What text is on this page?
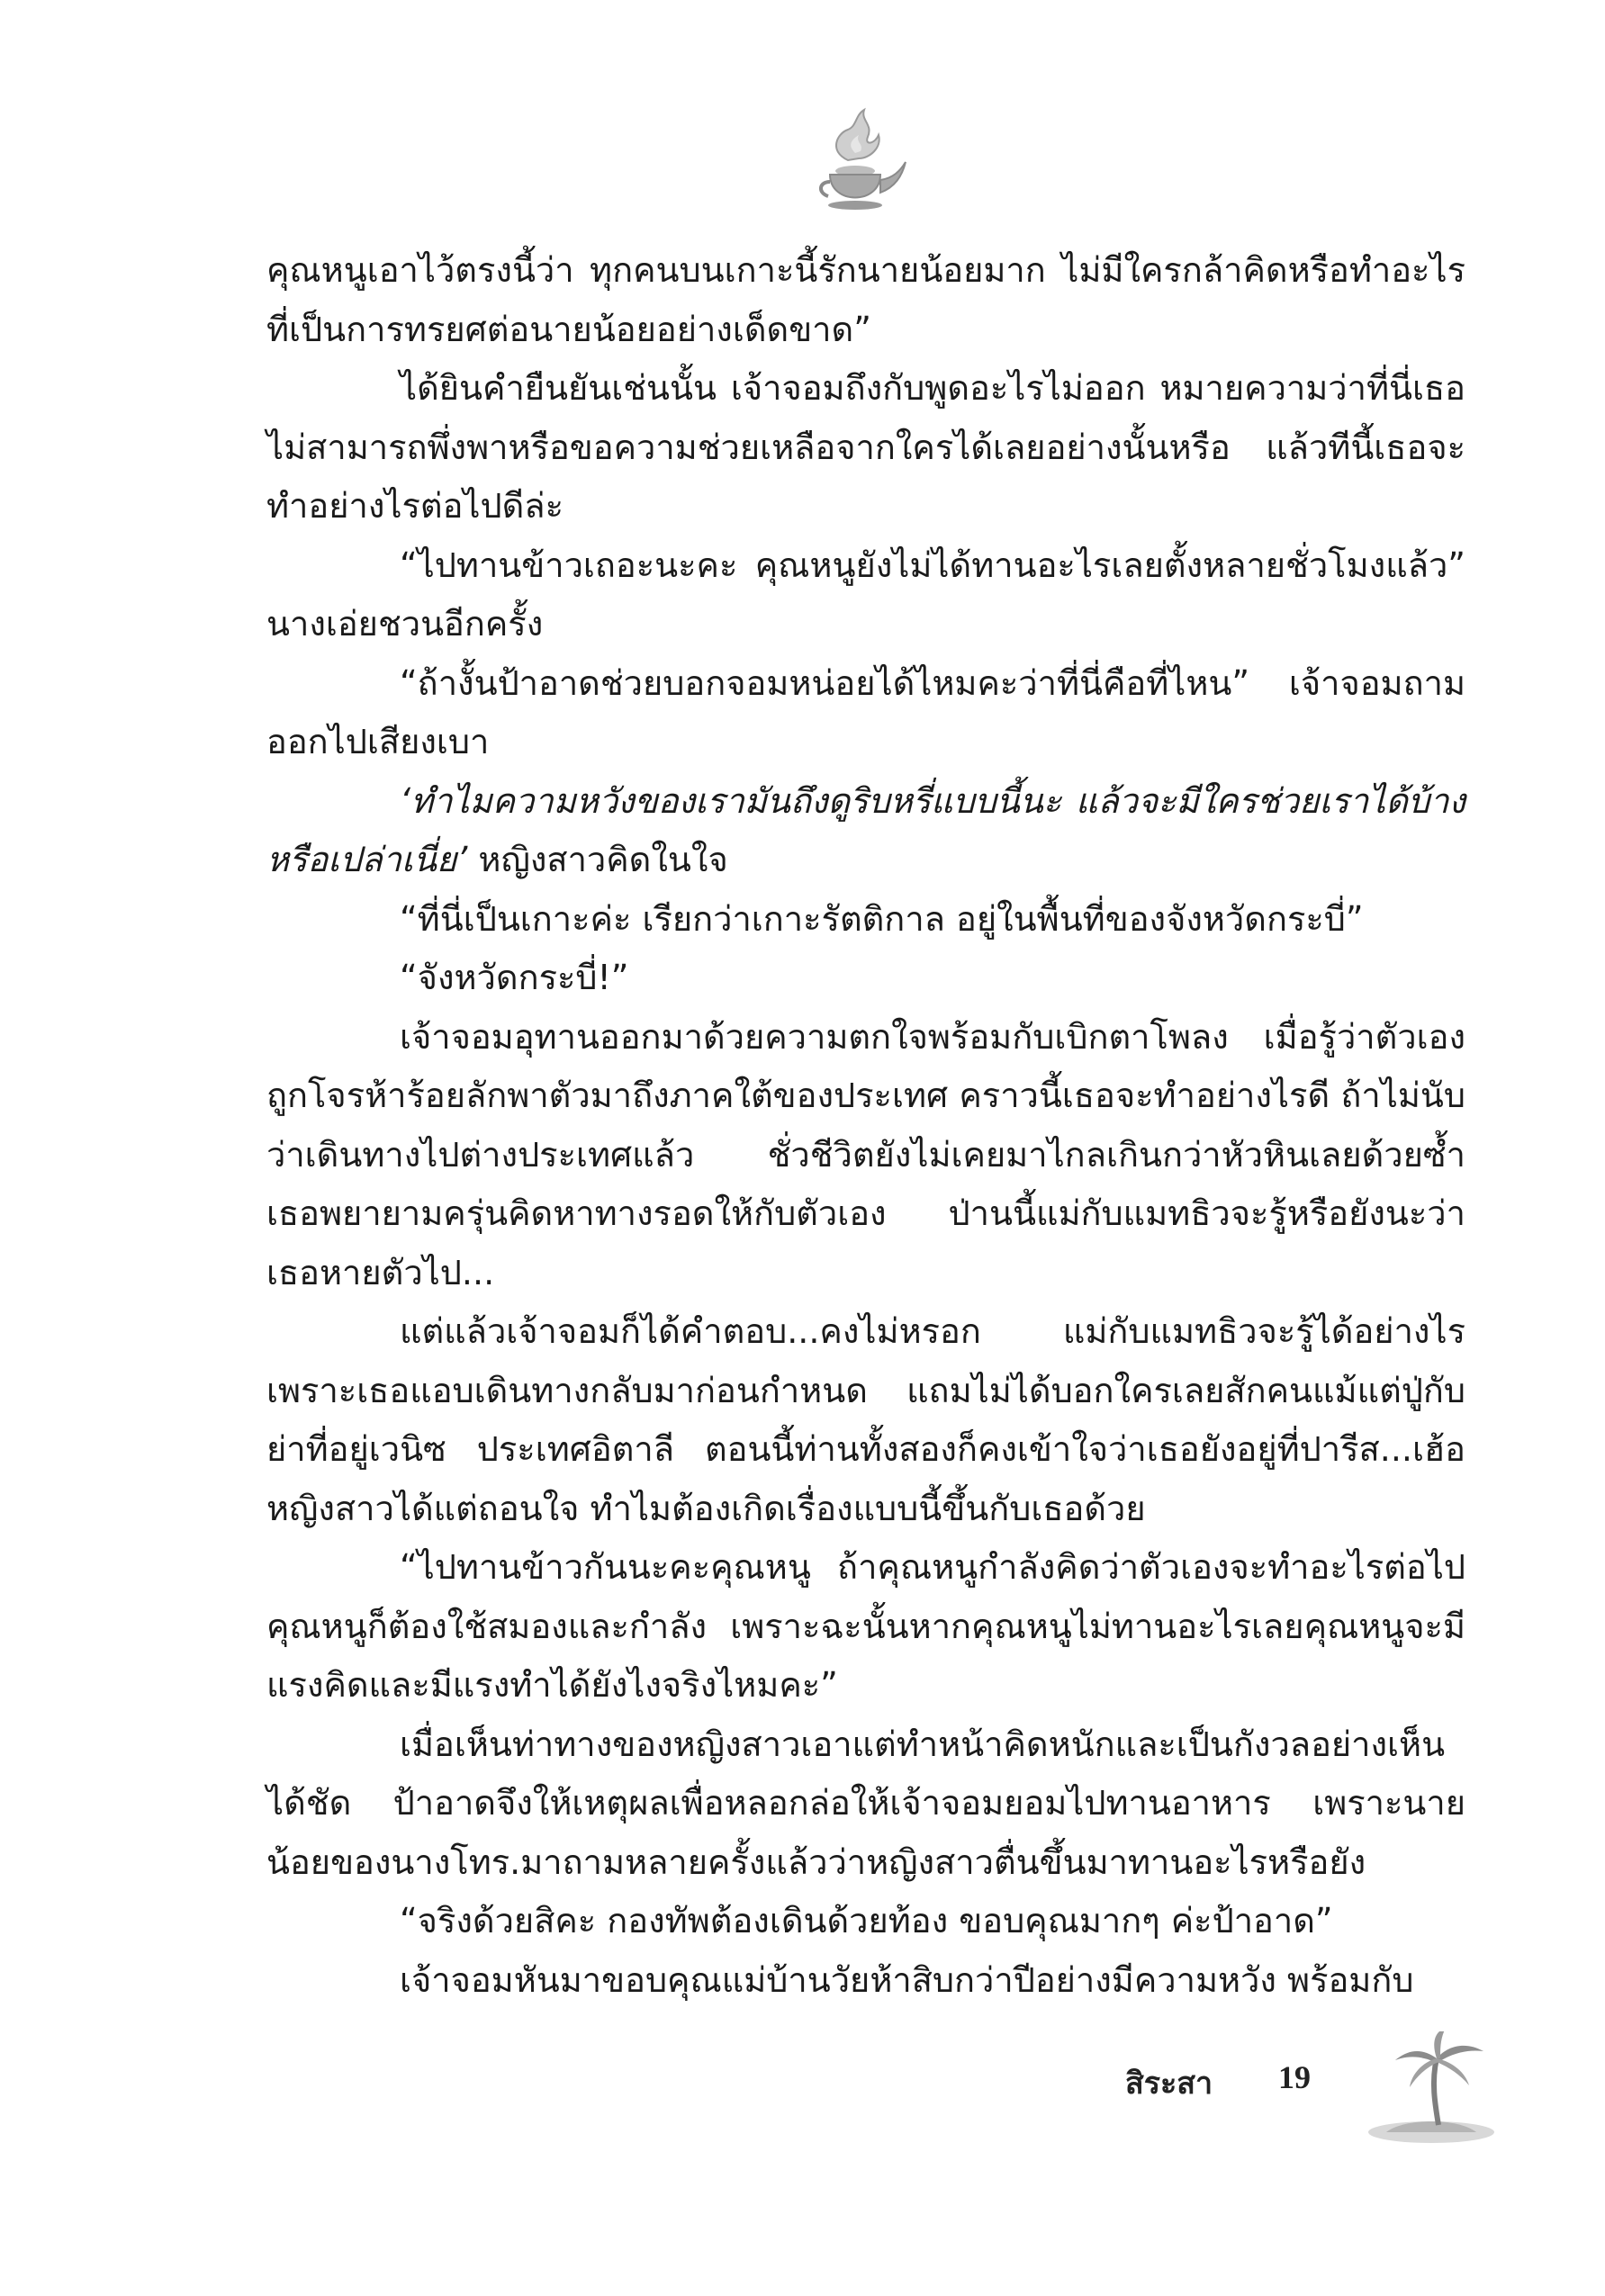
คุณหนูเอาไว้ตรงนี้ว่า ทุกคนบนเกาะนี้รักนายน้อยมาก ไม่มีใครกล้าคิดหรือทำอะไรที่เป็นการทรยศต่อนายน้อยอย่างเด็ดขาด”

ได้ยินคำยืนยันเช่นนั้น เจ้าจอมถึงกับพูดอะไรไม่ออก หมายความว่าที่นี่เธอไม่สามารถพึ่งพาหรือขอความช่วยเหลือจากใครได้เลยอย่างนั้นหรือ แล้วทีนี้เธอจะทำอย่างไรต่อไปดีล่ะ

“ไปทานข้าวเถอะนะคะ คุณหนูยังไม่ได้ทานอะไรเลยตั้งหลายชั่วโมงแล้ว” นางเอ่ยชวนอีกครั้ง

“ถ้างั้นป้าอาดช่วยบอกจอมหน่อยได้ไหมคะว่าที่นี่คือที่ไหน” เจ้าจอมถามออกไปเสียงเบา

‘ทำไมความหวังของเรามันถึงดูริบหรี่แบบนี้นะ แล้วจะมีใครช่วยเราได้บ้างหรือเปล่าเนี่ย’ หญิงสาวคิดในใจ

“ที่นี่เป็นเกาะค่ะ เรียกว่าเกาะรัตติกาล อยู่ในพื้นที่ของจังหวัดกระบี่”

“จังหวัดกระบี่!”

เจ้าจอมอุทานออกมาด้วยความตกใจพร้อมกับเบิกตาโพลง เมื่อรู้ว่าตัวเองถูกโจรห้าร้อยลักพาตัวมาถึงภาคใต้ของประเทศ คราวนี้เธอจะทำอย่างไรดี ถ้าไม่นับว่าเดินทางไปต่างประเทศแล้ว ชั่วชีวิตยังไม่เคยมาไกลเกินกว่าหัวหินเลยด้วยซ้ำ เธอพยายามครุ่นคิดหาทางรอดให้กับตัวเอง ป่านนี้แม่กับแมทธิวจะรู้หรือยังนะว่าเธอหายตัวไป...

แต่แล้วเจ้าจอมก็ได้คำตอบ...คงไม่หรอก แม่กับแมทธิวจะรู้ได้อย่างไร เพราะเธอแอบเดินทางกลับมาก่อนกำหนด แถมไม่ได้บอกใครเลยสักคนแม้แต่ปู่กับย่าที่อยู่เวนิซ ประเทศอิตาลี ตอนนี้ท่านทั้งสองก็คงเข้าใจว่าเธอยังอยู่ที่ปารีส...เฮ้อ หญิงสาวได้แต่ถอนใจ ทำไมต้องเกิดเรื่องแบบนี้ขึ้นกับเธอด้วย

“ไปทานข้าวกันนะคะคุณหนู ถ้าคุณหนูกำลังคิดว่าตัวเองจะทำอะไรต่อไป คุณหนูก็ต้องใช้สมองและกำลัง เพราะฉะนั้นหากคุณหนูไม่ทานอะไรเลยคุณหนูจะมีแรงคิดและมีแรงทำได้ยังไงจริงไหมคะ”

เมื่อเห็นท่าทางของหญิงสาวเอาแต่ทำหน้าคิดหนักและเป็นกังวลอย่างเห็นได้ชัด ป้าอาดจึงให้เหตุผลเพื่อหลอกล่อให้เจ้าจอมยอมไปทานอาหาร เพราะนายน้อยของนางโทร.มาถามหลายครั้งแล้วว่าหญิงสาวตื่นขึ้นมาทานอะไรหรือยัง

“จริงด้วยสิคะ กองทัพต้องเดินด้วยท้อง ขอบคุณมากๆ ค่ะป้าอาด”

เจ้าจอมหันมาขอบคุณแม่บ้านวัยห้าสิบกว่าปีอย่างมีความหวัง พร้อมกับ

สิระสา 19
